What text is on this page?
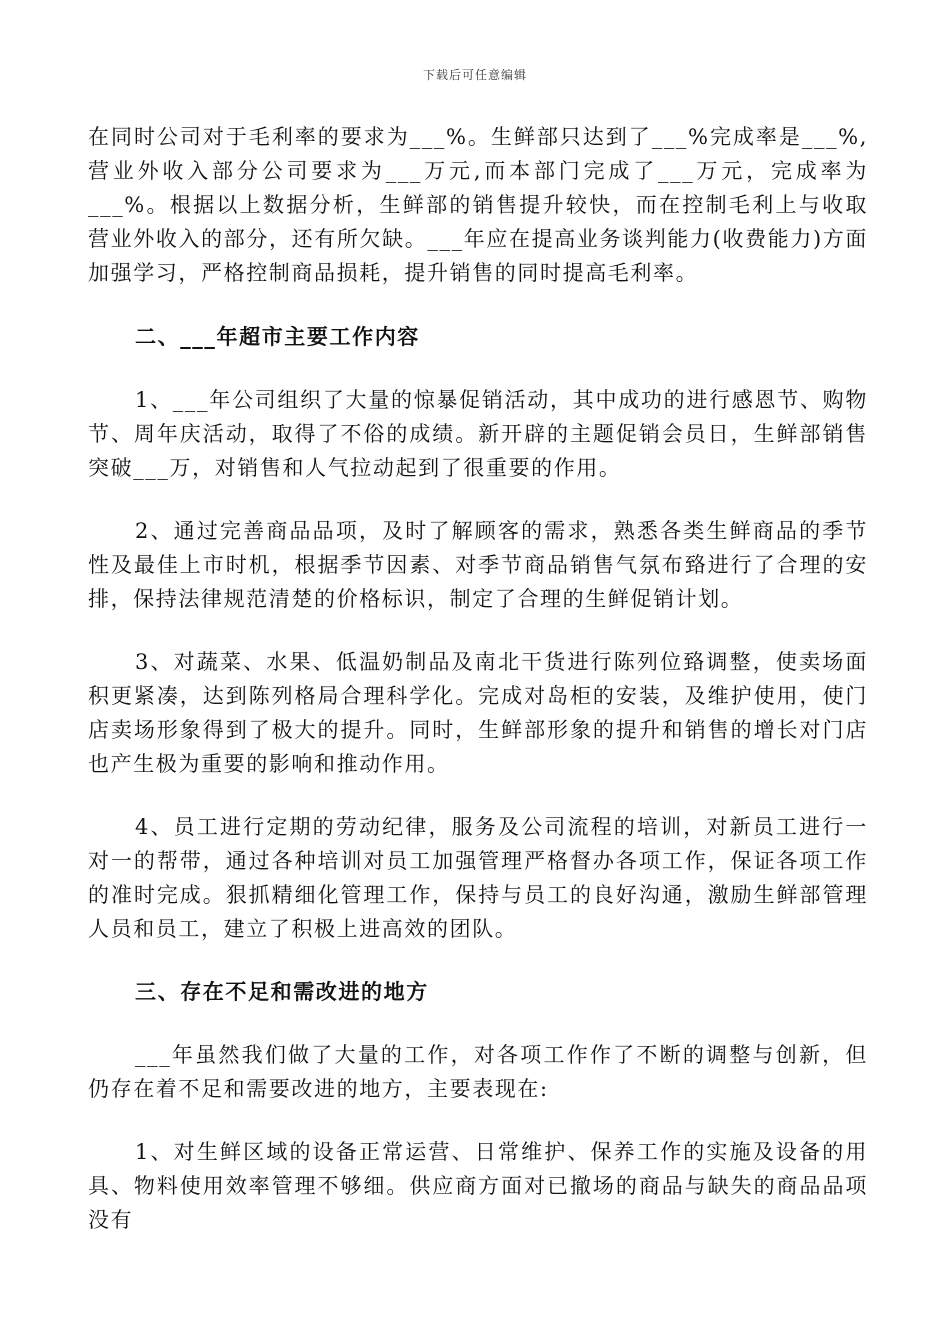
下载后可任意编辑

在同时公司对于毛利率的要求为___%。生鲜部只达到了___%完成率是___%,营业外收入部分公司要求为___万元,而本部门完成了___万元，完成率为___%。根据以上数据分析，生鲜部的销售提升较快，而在控制毛利上与收取营业外收入的部分，还有所欠缺。___年应在提高业务谈判能力(收费能力)方面加强学习，严格控制商品损耗，提升销售的同时提高毛利率。

二、___年超市主要工作内容

1、___年公司组织了大量的惊暴促销活动，其中成功的进行感恩节、购物节、周年庆活动，取得了不俗的成绩。新开辟的主题促销会员日，生鲜部销售突破___万，对销售和人气拉动起到了很重要的作用。

2、通过完善商品品项，及时了解顾客的需求，熟悉各类生鲜商品的季节性及最佳上市时机，根据季节因素、对季节商品销售气氛布臵进行了合理的安排，保持法律规范清楚的价格标识，制定了合理的生鲜促销计划。

3、对蔬菜、水果、低温奶制品及南北干货进行陈列位臵调整，使卖场面积更紧凑，达到陈列格局合理科学化。完成对岛柜的安装，及维护使用，使门店卖场形象得到了极大的提升。同时，生鲜部形象的提升和销售的增长对门店也产生极为重要的影响和推动作用。

4、员工进行定期的劳动纪律，服务及公司流程的培训，对新员工进行一对一的帮带，通过各种培训对员工加强管理严格督办各项工作，保证各项工作的准时完成。狠抓精细化管理工作，保持与员工的良好沟通，激励生鲜部管理人员和员工，建立了积极上进高效的团队。

三、存在不足和需改进的地方

___年虽然我们做了大量的工作，对各项工作作了不断的调整与创新，但仍存在着不足和需要改进的地方，主要表现在:

1、对生鲜区域的设备正常运营、日常维护、保养工作的实施及设备的用具、物料使用效率管理不够细。供应商方面对已撤场的商品与缺失的商品品项没有
